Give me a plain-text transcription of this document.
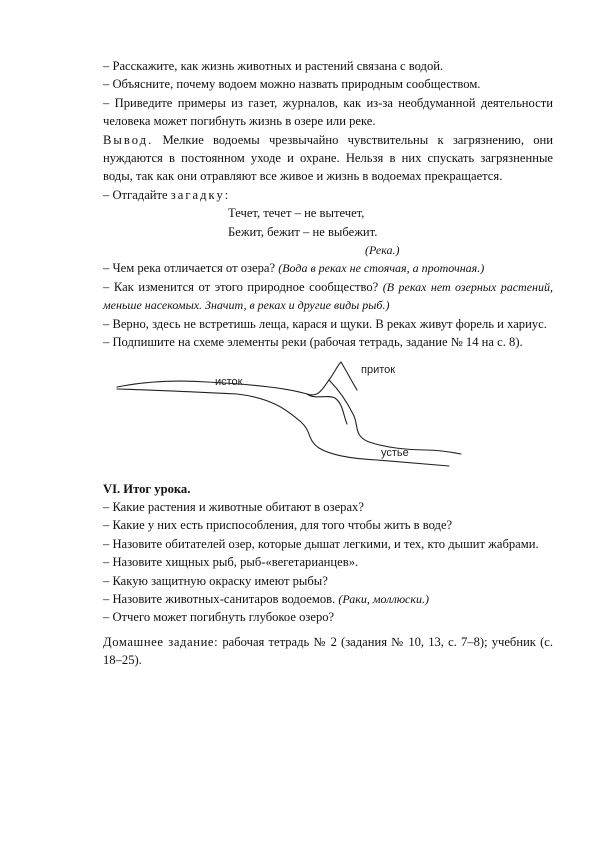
– Расскажите, как жизнь животных и растений связана с водой.

– Объясните, почему водоем можно назвать природным сообществом.

– Приведите примеры из газет, журналов, как из-за необдуманной деятельности человека может погибнуть жизнь в озере или реке.

Вывод. Мелкие водоемы чрезвычайно чувствительны к загрязнению, они нуждаются в постоянном уходе и охране. Нельзя в них спускать загрязненные воды, так как они отравляют все живое и жизнь в водоемах прекращается.

– Отгадайте загадку:

Течет, течет – не вытечет,

Бежит, бежит – не выбежит.

(Река.)

– Чем река отличается от озера? (Вода в реках не стоячая, а проточная.)

– Как изменится от этого природное сообщество? (В реках нет озерных растений, меньше насекомых. Значит, в реках и другие виды рыб.)

– Верно, здесь не встретишь леща, карася и щуки. В реках живут форель и хариус.

– Подпишите на схеме элементы реки (рабочая тетрадь, задание № 14 на с. 8).

исток
приток
устье

VI. Итог урока.

– Какие растения и животные обитают в озерах?

– Какие у них есть приспособления, для того чтобы жить в воде?

– Назовите обитателей озер, которые дышат легкими, и тех, кто дышит жабрами.

– Назовите хищных рыб, рыб-«вегетарианцев».

– Какую защитную окраску имеют рыбы?

– Назовите животных-санитаров водоемов. (Раки, моллюски.)

– Отчего может погибнуть глубокое озеро?

Домашнее задание: рабочая тетрадь № 2 (задания № 10, 13, с. 7–8); учебник (с. 18–25).
